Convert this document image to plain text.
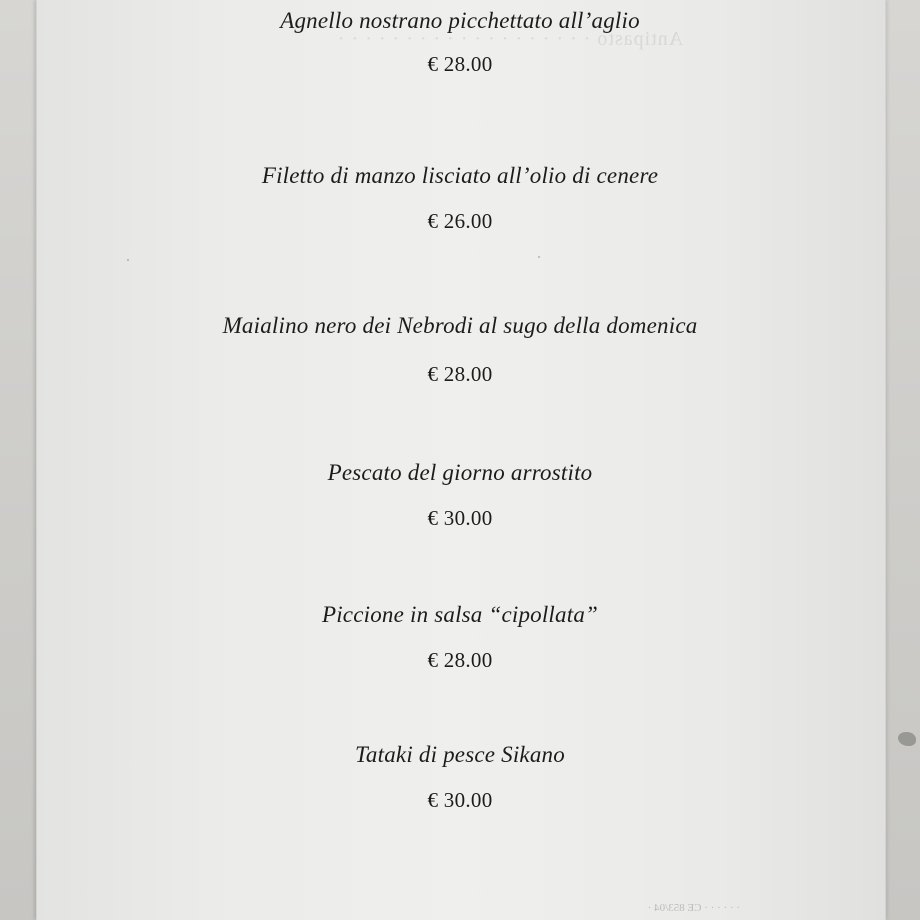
Antipasto · · · · · · · · · · · · · · · · · · ·
Agnello nostrano picchettato all’aglio
€ 28.00
Filetto di manzo lisciato all’olio di cenere
€ 26.00
Maialino nero dei Nebrodi al sugo della domenica
€ 28.00
Pescato del giorno arrostito
€ 30.00
Piccione in salsa “cipollata”
€ 28.00
Tataki di pesce Sikano
€ 30.00
· · · · · · CE 853/04 ·
